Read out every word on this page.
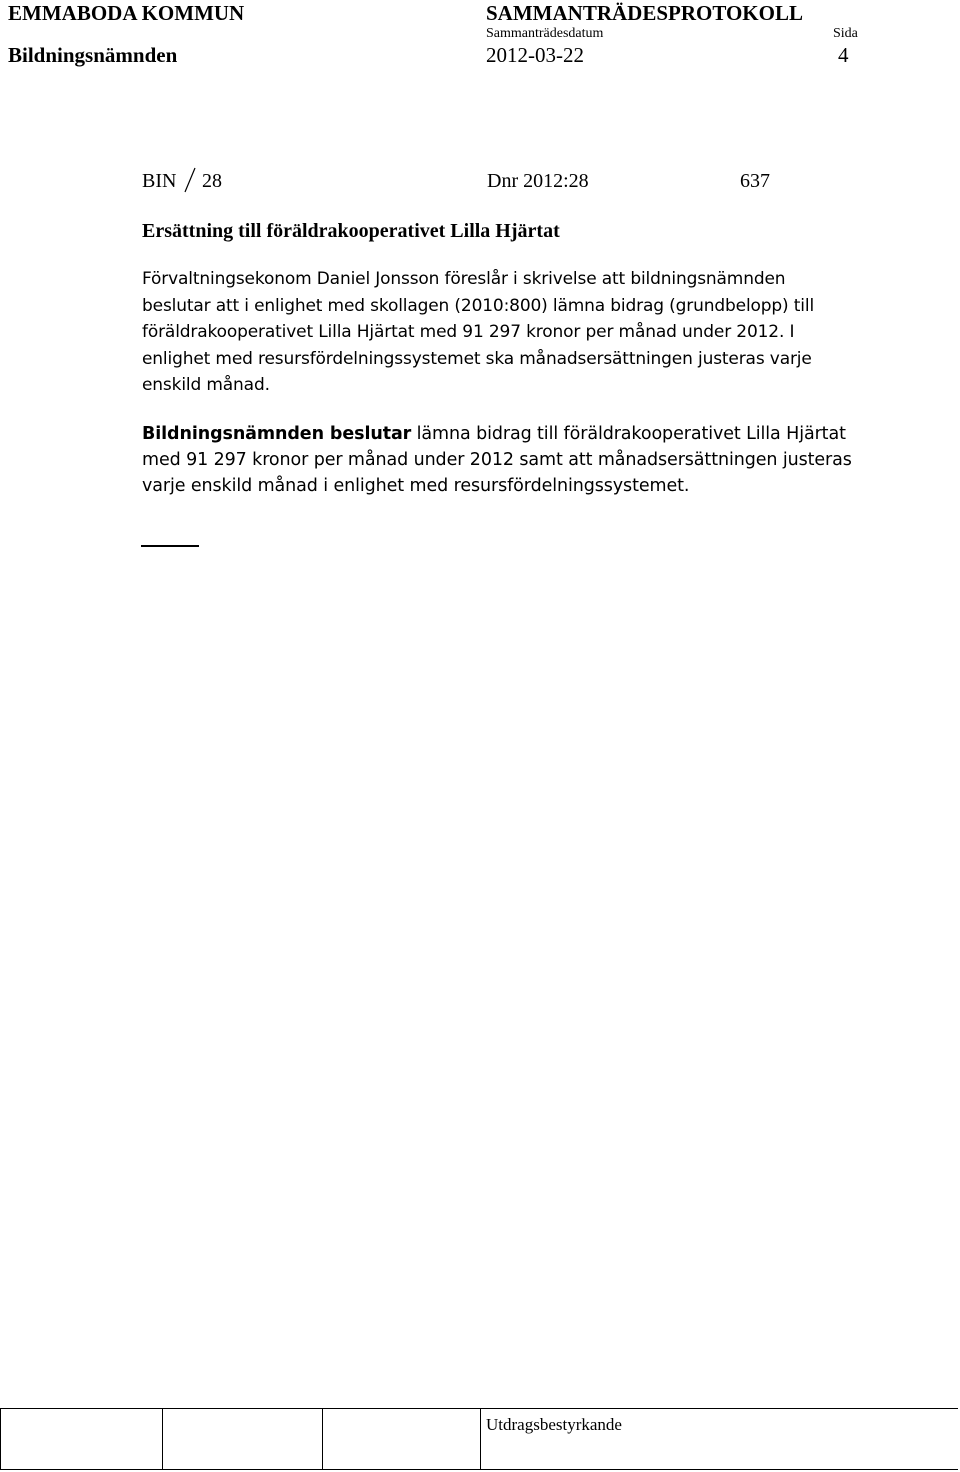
EMMABODA KOMMUN	SAMMANTRÄDESPROTOKOLL
Sammanträdesdatum	Sida
Bildningsnämnden	2012-03-22	4
BIN 28	Dnr 2012:28	637
Ersättning till föräldrakooperativet Lilla Hjärtat
Förvaltningsekonom Daniel Jonsson föreslår i skrivelse att bildningsnämnden
beslutar att i enlighet med skollagen (2010:800) lämna bidrag (grundbelopp) till
föräldrakooperativet Lilla Hjärtat med 91 297 kronor per månad under 2012. I
enlighet med resursfördelningssystemet ska månadsersättningen justeras varje
enskild månad.
Bildningsnämnden beslutar lämna bidrag till föräldrakooperativet Lilla Hjärtat
med 91 297 kronor per månad under 2012 samt att månadsersättningen justeras
varje enskild månad i enlighet med resursfördelningssystemet.
Utdragsbestyrkande
